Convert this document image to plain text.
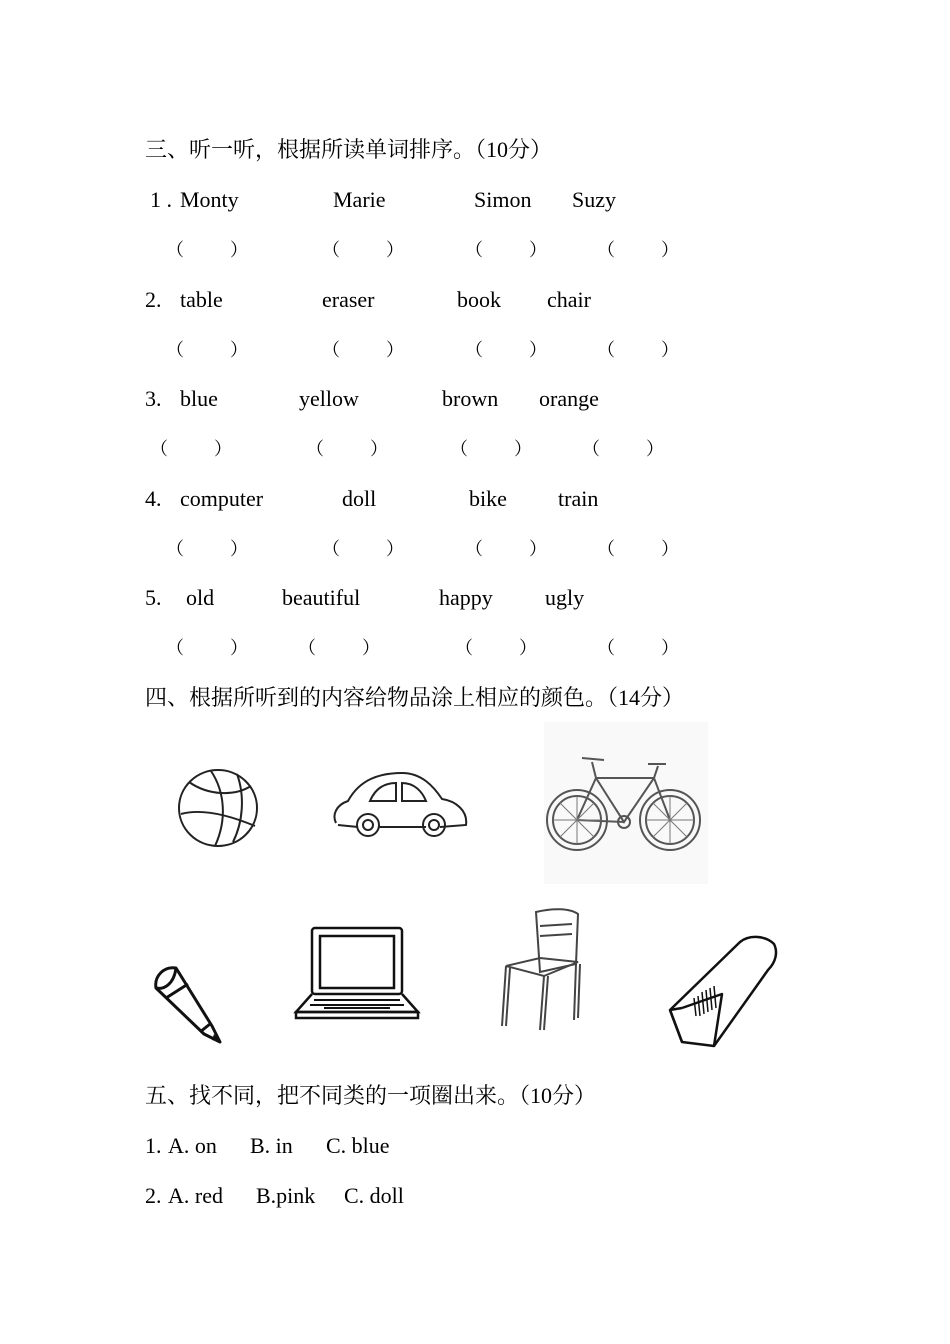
三、听一听，根据所读单词排序。（10分）
1 . Monty	Marie	Simon Suzy
（	）	（	）	（	）	（	）
2. table	eraser	book chair
（	）	（	）	（	）	（	）
3. blue	yellow	brown orange
（	）	（	）	（	）	（	）
4. computer	doll	bike train
（	）	（	）	（	）	（	）
5. old	beautiful	happy ugly
（	）	（	）	（	）	（	）
四、根据所听到的内容给物品涂上相应的颜色。（14分）
五、找不同，把不同类的一项圈出来。（10分）
1. A. on B. in C. blue
2. A. red B.pink C. doll
